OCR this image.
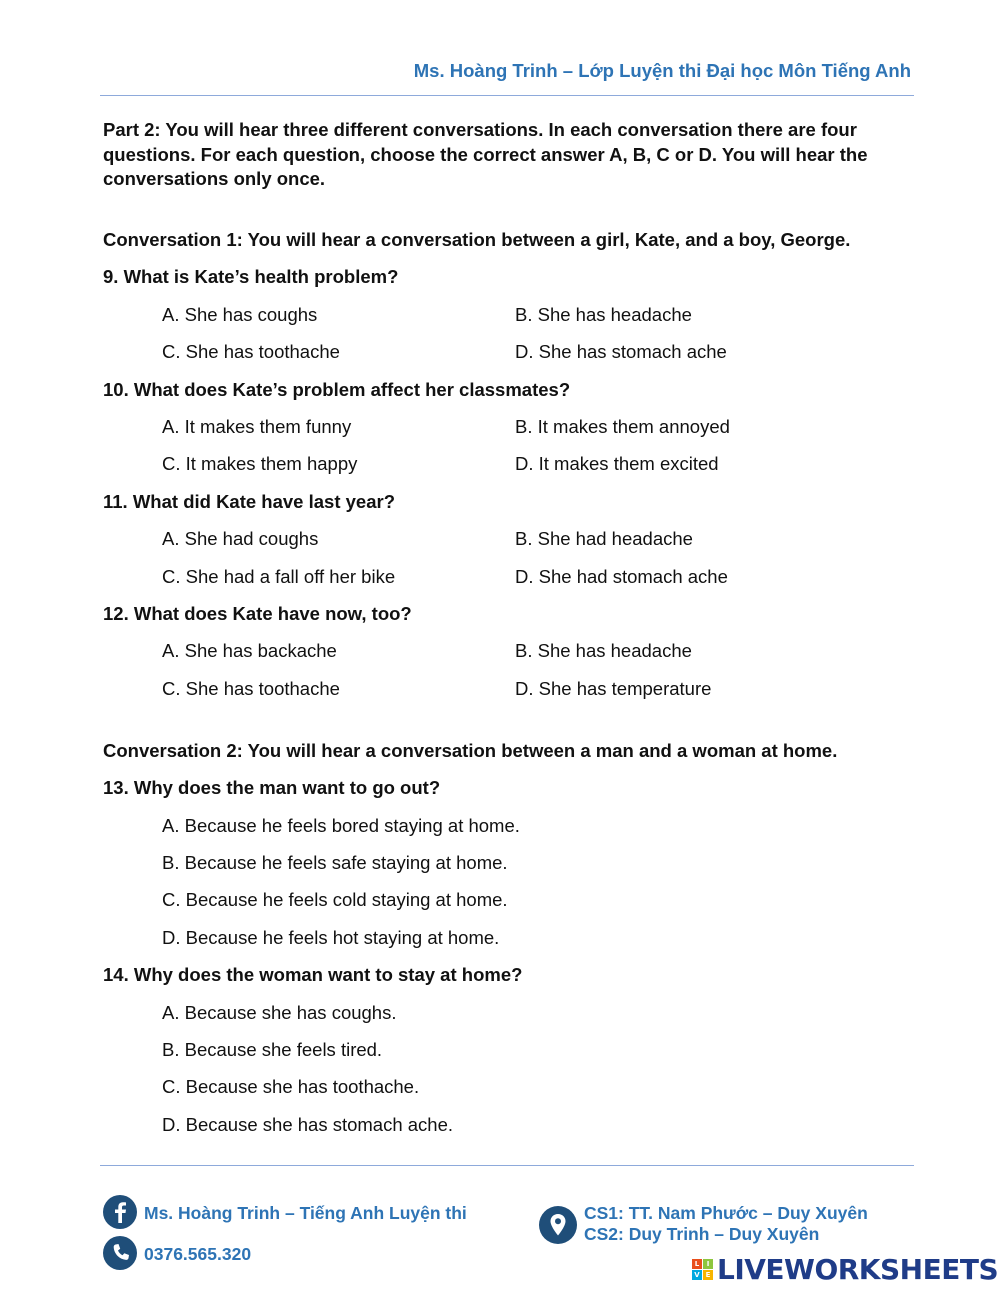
Ms. Hoàng Trinh – Lớp Luyện thi Đại học Môn Tiếng Anh
Part 2: You will hear three different conversations. In each conversation there are four questions. For each question, choose the correct answer A, B, C or D. You will hear the conversations only once.
Conversation 1: You will hear a conversation between a girl, Kate, and a boy, George.
9. What is Kate’s health problem?
A. She has coughs	B. She has headache
C. She has toothache	D. She has stomach ache
10. What does Kate’s problem affect her classmates?
A. It makes them funny	B. It makes them annoyed
C. It makes them happy	D. It makes them excited
11. What did Kate have last year?
A. She had coughs	B. She had headache
C. She had a fall off her bike	D. She had stomach ache
12. What does Kate have now, too?
A. She has backache	B. She has headache
C. She has toothache	D. She has temperature
Conversation 2: You will hear a conversation between a man and a woman at home.
13. Why does the man want to go out?
A. Because he feels bored staying at home.
B. Because he feels safe staying at home.
C. Because he feels cold staying at home.
D. Because he feels hot staying at home.
14. Why does the woman want to stay at home?
A. Because she has coughs.
B. Because she feels tired.
C. Because she has toothache.
D. Because she has stomach ache.
Ms. Hoàng Trinh – Tiếng Anh Luyện thi
0376.565.320
CS1: TT. Nam Phước – Duy Xuyên
CS2: Duy Trinh – Duy Xuyên
L	I
V E LIVEWORKSHEETS
